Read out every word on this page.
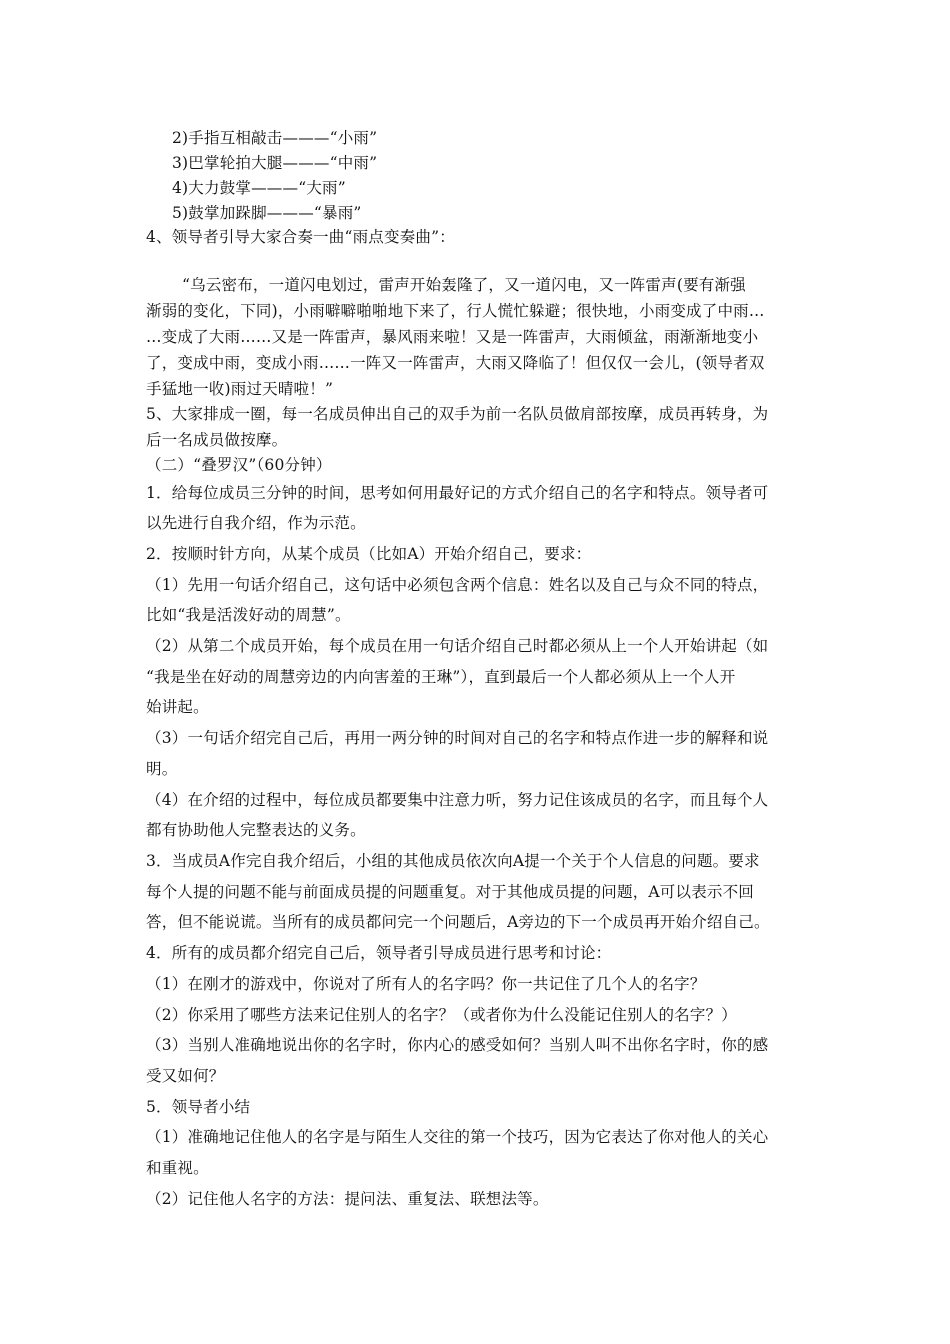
2)手指互相敲击———“小雨”
3)巴掌轮拍大腿———“中雨”
4)大力鼓掌———“大雨”
5)鼓掌加跺脚———“暴雨”
4、领导者引导大家合奏一曲“雨点变奏曲”：
“乌云密布，一道闪电划过，雷声开始轰隆了，又一道闪电，又一阵雷声(要有渐强
渐弱的变化，下同)，小雨噼噼啪啪地下来了，行人慌忙躲避；很快地，小雨变成了中雨…
…变成了大雨……又是一阵雷声，暴风雨来啦！又是一阵雷声，大雨倾盆，雨渐渐地变小
了，变成中雨，变成小雨……一阵又一阵雷声，大雨又降临了！但仅仅一会儿，(领导者双
手猛地一收)雨过天晴啦！”
5、大家排成一圈，每一名成员伸出自己的双手为前一名队员做肩部按摩，成员再转身，为
后一名成员做按摩。
（二）“叠罗汉”（60分钟）
1．给每位成员三分钟的时间，思考如何用最好记的方式介绍自己的名字和特点。领导者可
以先进行自我介绍，作为示范。
2．按顺时针方向，从某个成员（比如A）开始介绍自己，要求：
（1）先用一句话介绍自己，这句话中必须包含两个信息：姓名以及自己与众不同的特点，
比如“我是活泼好动的周慧”。
（2）从第二个成员开始，每个成员在用一句话介绍自己时都必须从上一个人开始讲起（如
“我是坐在好动的周慧旁边的内向害羞的王琳”），直到最后一个人都必须从上一个人开
始讲起。
（3）一句话介绍完自己后，再用一两分钟的时间对自己的名字和特点作进一步的解释和说
明。
（4）在介绍的过程中，每位成员都要集中注意力听，努力记住该成员的名字，而且每个人
都有协助他人完整表达的义务。
3．当成员A作完自我介绍后，小组的其他成员依次向A提一个关于个人信息的问题。要求
每个人提的问题不能与前面成员提的问题重复。对于其他成员提的问题，A可以表示不回
答，但不能说谎。当所有的成员都问完一个问题后，A旁边的下一个成员再开始介绍自己。
4．所有的成员都介绍完自己后，领导者引导成员进行思考和讨论：
（1）在刚才的游戏中，你说对了所有人的名字吗？你一共记住了几个人的名字？
（2）你采用了哪些方法来记住别人的名字？（或者你为什么没能记住别人的名字？）
（3）当别人准确地说出你的名字时，你内心的感受如何？当别人叫不出你名字时，你的感
受又如何？
5．领导者小结
（1）准确地记住他人的名字是与陌生人交往的第一个技巧，因为它表达了你对他人的关心
和重视。
（2）记住他人名字的方法：提问法、重复法、联想法等。
